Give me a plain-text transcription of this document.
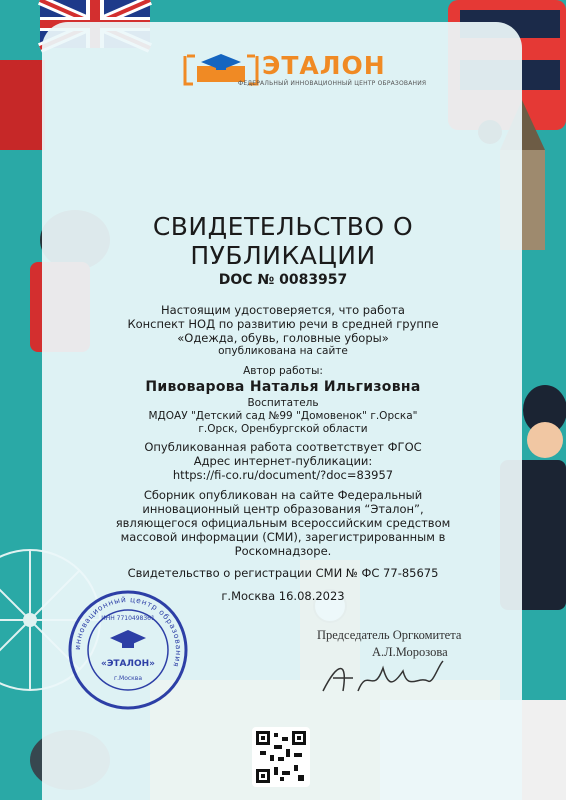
ЭТАЛОН
ФЕДЕРАЛЬНЫЙ ИННОВАЦИОННЫЙ ЦЕНТР ОБРАЗОВАНИЯ
СВИДЕТЕЛЬСТВО О
ПУБЛИКАЦИИ
DOC № 0083957
Настоящим удостоверяется, что работа
Конспект НОД по развитию речи в средней группе
«Одежда, обувь, головные уборы»
опубликована на сайте
Автор работы:
Пивоварова Наталья Ильгизовна
Воспитатель
МДОАУ "Детский сад №99 "Домовенок" г.Орска"
г.Орск, Оренбургской области
Опубликованная работа соответствует ФГОС
Адрес интернет-публикации:
https://fi-co.ru/document/?doc=83957
Сборник опубликован на сайте Федеральный
инновационный центр образования “Эталон”,
являющегося официальным всероссийским средством
массовой информации (СМИ), зарегистрированным в
Роскомнадзоре.
Свидетельство о регистрации СМИ № ФС 77-85675
г.Москва 16.08.2023
Председатель Оргкомитета
А.Л.Морозова
инновационный центр образования
ИНН 7710498361
«ЭТАЛОН»
г.Москва
